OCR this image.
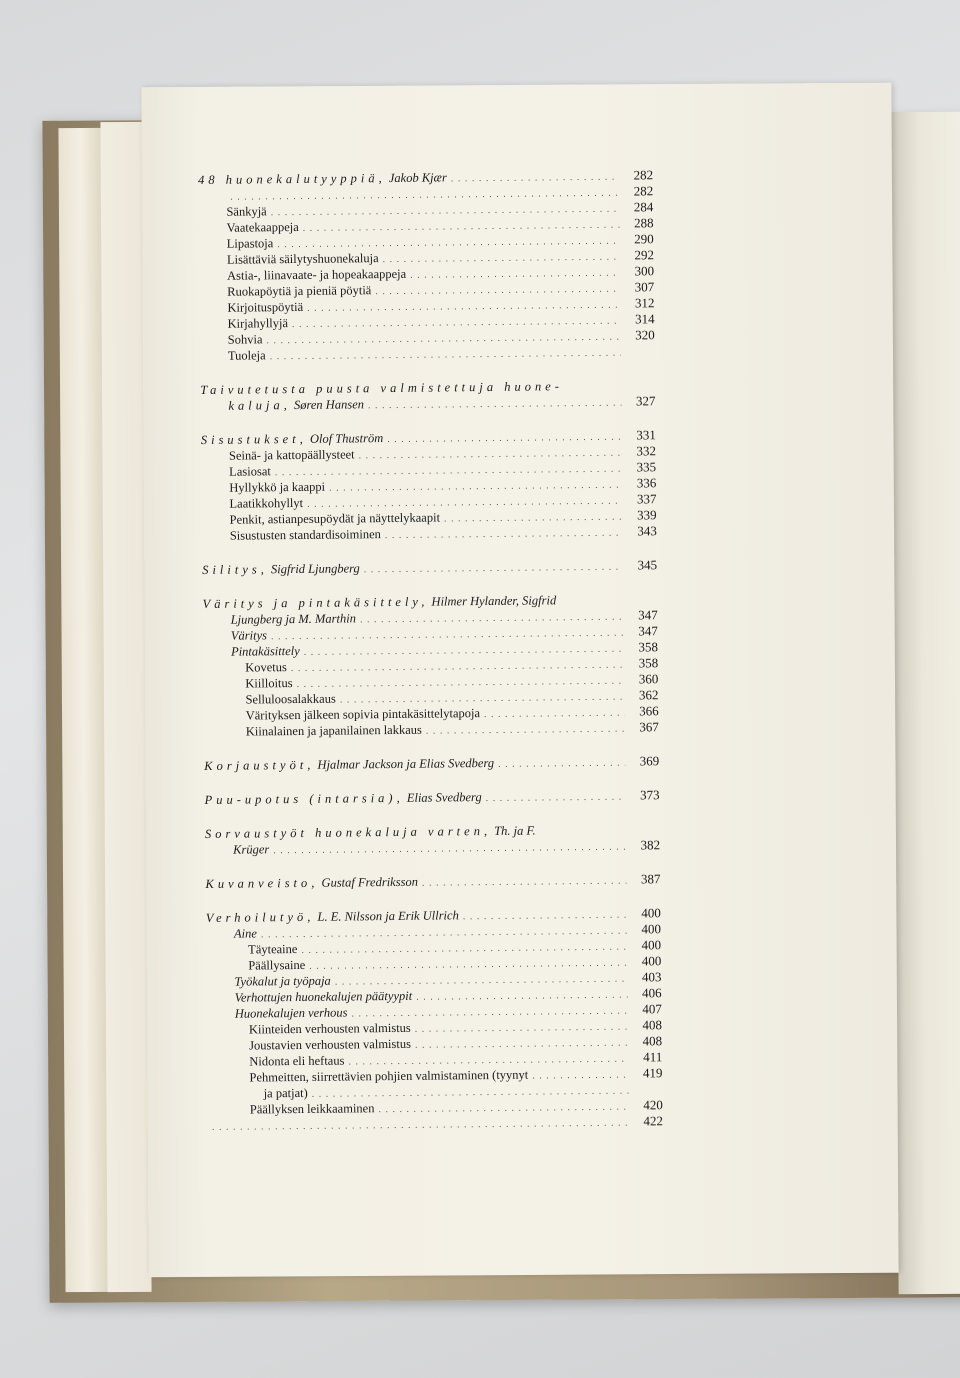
48 huonekalutyyppiä, Jakob Kjær . . .	282
. . .
282
Sänkyjä . . .	284
Vaatekaappeja . . .	288
Lipastoja . . .	290
Lisättäviä säilytyshuonekaluja . . .	292
Astia-, liinavaate- ja hopeakaappeja . . .	300
Ruokapöytiä ja pieniä pöytiä . . .	307
Kirjoituspöytiä . . .	312
Kirjahyllyjä . . .	314
Sohvia . . .	320
Tuoleja
. . .
Taivutetusta puusta valmistettuja huone-
kaluja, Søren Hansen . . .	327
Sisustukset, Olof Thuström . . .	331
Seinä- ja kattopäällysteet . . .	332
Lasiosat . . .	335
Hyllykkö ja kaappi . . .	336
Laatikkohyllyt . . .	337
Penkit, astianpesupöydät ja näyttelykaapit . . .	339
Sisustusten standardisoiminen . . .	343
Silitys, Sigfrid Ljungberg . . .	345
Väritys ja pintakäsittely, Hilmer Hylander, Sigfrid
Ljungberg ja M. Marthin . . .	347
Väritys . . .	347
Pintakäsittely . . .	358
Kovetus . . .	358
Kiilloitus . . .	360
Selluloosalakkaus . . .	362
Värityksen jälkeen sopivia pintakäsittelytapoja . . .	366
Kiinalainen ja japanilainen lakkaus . . .	367
Korjaustyöt, Hjalmar Jackson ja Elias Svedberg . . .	369
Puu-upotus (intarsia), Elias Svedberg . . .	373
Sorvaustyöt huonekaluja varten, Th. ja F.
Krüger . . .	382
Kuvanveisto, Gustaf Fredriksson . . .	387
Verhoilutyö, L. E. Nilsson ja Erik Ullrich . . .	400
Aine . . .	400
Täyteaine . . .	400
Päällysaine . . .	400
Työkalut ja työpaja . . .	403
Verhottujen huonekalujen päätyypit . . .	406
Huonekalujen verhous . . .	407
Kiinteiden verhousten valmistus . . .	408
Joustavien verhousten valmistus . . .	408
Nidonta eli heftaus . . .	411
Pehmeitten, siirrettävien pohjien valmistaminen (tyynyt . . .	419
ja patjat)
. . .
Päällyksen leikkaaminen . . .	420
. . .
422
